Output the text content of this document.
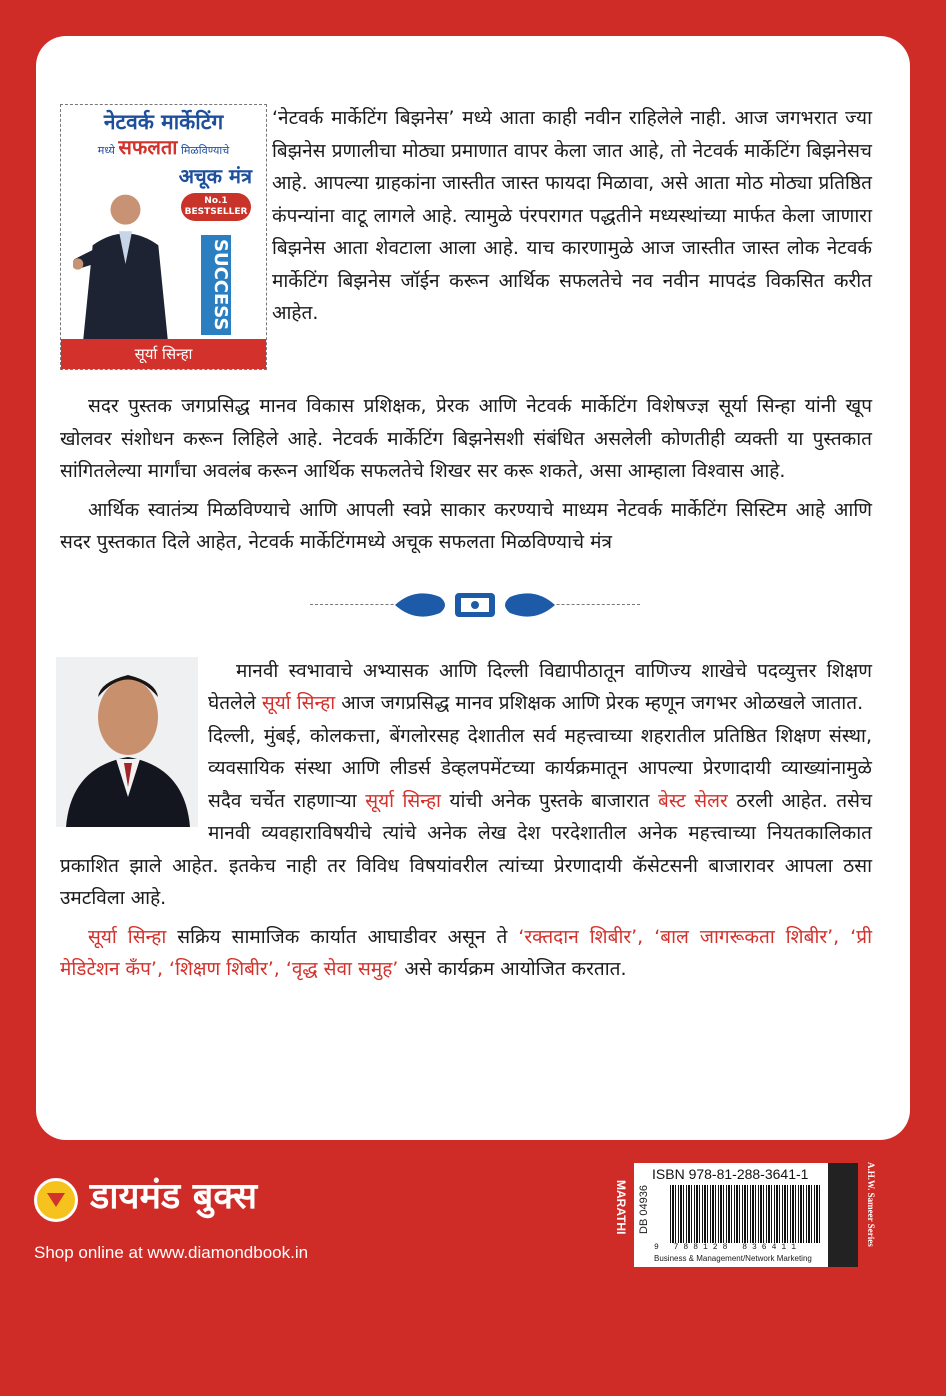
नेटवर्क मार्केटिंग
मध्ये सफलता मिळविण्याचे
अचूक मंत्र
SUCCESS
No.1 BESTSELLER
सूर्या सिन्हा

‘नेटवर्क मार्केटिंग बिझनेस’ मध्ये आता काही नवीन राहिलेले नाही. आज जगभरात ज्या बिझनेस प्रणालीचा मोठ्या प्रमाणात वापर केला जात आहे, तो नेटवर्क मार्केटिंग बिझनेसच आहे. आपल्या ग्राहकांना जास्तीत जास्त फायदा मिळावा, असे आता मोठ मोठ्या प्रतिष्ठित कंपन्यांना वाटू लागले आहे. त्यामुळे पंरपरागत पद्धतीने मध्यस्थांच्या मार्फत केला जाणारा बिझनेस आता शेवटाला आला आहे. याच कारणामुळे आज जास्तीत जास्त लोक नेटवर्क मार्केटिंग बिझनेस जॉईन करून आर्थिक सफलतेचे नव नवीन मापदंड विकसित करीत आहेत.

सदर पुस्तक जगप्रसिद्ध मानव विकास प्रशिक्षक, प्रेरक आणि नेटवर्क मार्केटिंग विशेषज्ज्ञ सूर्या सिन्हा यांनी खूप खोलवर संशोधन करून लिहिले आहे. नेटवर्क मार्केटिंग बिझनेसशी संबंधित असलेली कोणतीही व्यक्ती या पुस्तकात सांगितलेल्या मार्गांचा अवलंब करून आर्थिक सफलतेचे शिखर सर करू शकते, असा आम्हाला विश्वास आहे.

आर्थिक स्वातंत्र्य मिळविण्याचे आणि आपली स्वप्ने साकार करण्याचे माध्यम नेटवर्क मार्केटिंग सिस्टिम आहे आणि सदर पुस्तकात दिले आहेत, नेटवर्क मार्केटिंगमध्ये अचूक सफलता मिळविण्याचे मंत्र

मानवी स्वभावाचे अभ्यासक आणि दिल्ली विद्यापीठातून वाणिज्य शाखेचे पदव्युत्तर शिक्षण घेतलेले सूर्या सिन्हा आज जगप्रसिद्ध मानव प्रशिक्षक आणि प्रेरक म्हणून जगभर ओळखले जातात.

दिल्ली, मुंबई, कोलकत्ता, बेंगलोरसह देशातील सर्व महत्त्वाच्या शहरातील प्रतिष्ठित शिक्षण संस्था, व्यवसायिक संस्था आणि लीडर्स डेव्हलपमेंटच्या कार्यक्रमातून आपल्या प्रेरणादायी व्याख्यांनामुळे सदैव चर्चेत राहणाऱ्या सूर्या सिन्हा यांची अनेक पुस्तके बाजारात बेस्ट सेलर ठरली आहेत. तसेच मानवी व्यवहाराविषयीचे त्यांचे अनेक लेख देश परदेशातील अनेक महत्त्वाच्या नियतकालिकात प्रकाशित झाले आहेत. इतकेच नाही तर विविध विषयांवरील त्यांच्या प्रेरणादायी कॅसेटसनी बाजारावर आपला ठसा उमटविला आहे.

सूर्या सिन्हा सक्रिय सामाजिक कार्यात आघाडीवर असून ते ‘रक्तदान शिबीर’, ‘बाल जागरूकता शिबीर’, ‘प्री मेडिटेशन कँप’, ‘शिक्षण शिबीर’, ‘वृद्ध सेवा समुह’ असे कार्यक्रम आयोजित करतात.

डायमंड बुक्स
Shop online at www.diamondbook.in
MARATHI DB 04936
ISBN 978-81-288-3641-1
9 788128 836411
Business & Management/Network Marketing
A.H.W. Sameer Series
